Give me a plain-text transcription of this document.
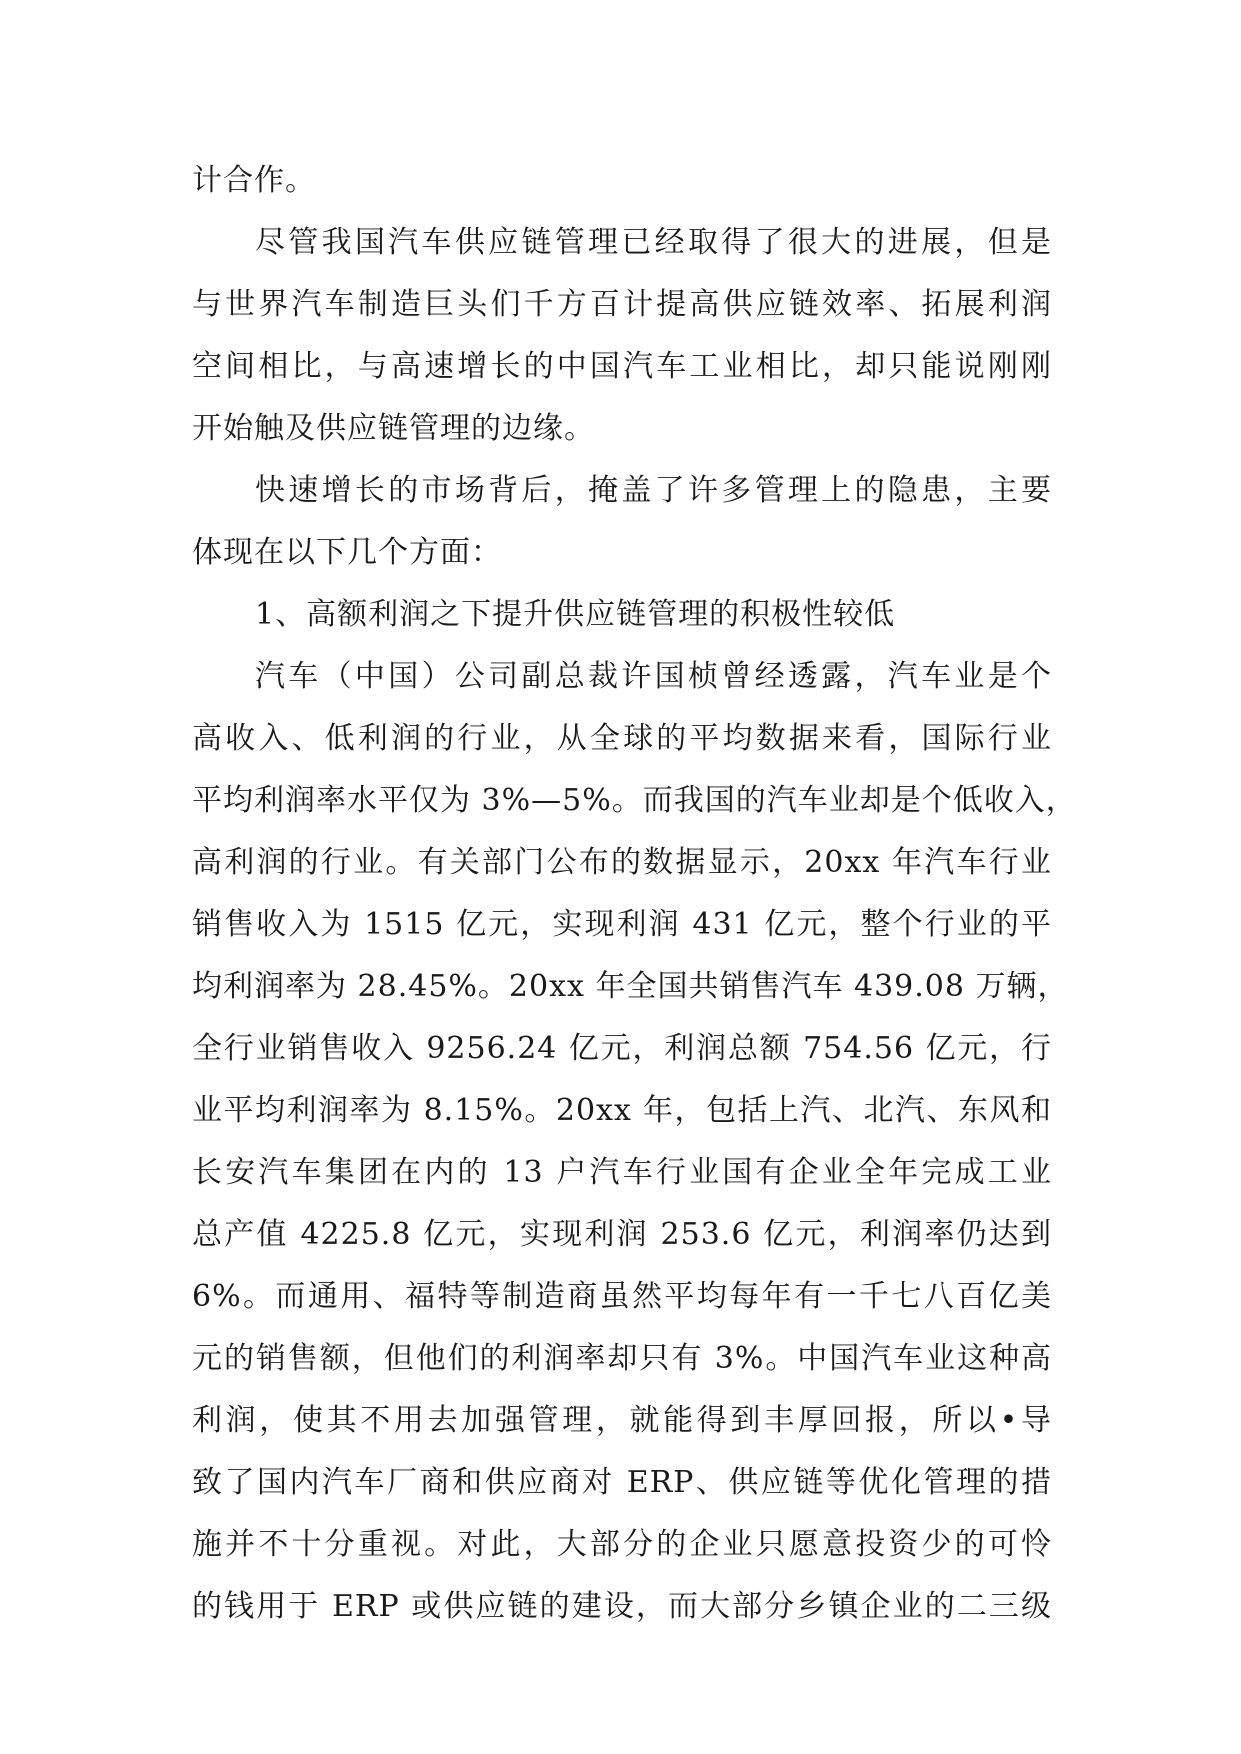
计合作。
尽管我国汽车供应链管理已经取得了很大的进展，但是
与世界汽车制造巨头们千方百计提高供应链效率、拓展利润
空间相比，与高速增长的中国汽车工业相比，却只能说刚刚
开始触及供应链管理的边缘。
快速增长的市场背后，掩盖了许多管理上的隐患，主要
体现在以下几个方面：
1、高额利润之下提升供应链管理的积极性较低
汽车（中国）公司副总裁许国桢曾经透露，汽车业是个
高收入、低利润的行业，从全球的平均数据来看，国际行业
平均利润率水平仅为 3%—5%。而我国的汽车业却是个低收入，
高利润的行业。有关部门公布的数据显示，20xx 年汽车行业
销售收入为 1515 亿元，实现利润 431 亿元，整个行业的平
均利润率为 28.45%。20xx 年全国共销售汽车 439.08 万辆，
全行业销售收入 9256.24 亿元，利润总额 754.56 亿元，行
业平均利润率为 8.15%。20xx 年，包括上汽、北汽、东风和
长安汽车集团在内的 13 户汽车行业国有企业全年完成工业
总产值 4225.8 亿元，实现利润 253.6 亿元，利润率仍达到
6%。而通用、福特等制造商虽然平均每年有一千七八百亿美
元的销售额，但他们的利润率却只有 3%。中国汽车业这种高
利润，使其不用去加强管理，就能得到丰厚回报，所以•导
致了国内汽车厂商和供应商对 ERP、供应链等优化管理的措
施并不十分重视。对此，大部分的企业只愿意投资少的可怜
的钱用于 ERP 或供应链的建设，而大部分乡镇企业的二三级
